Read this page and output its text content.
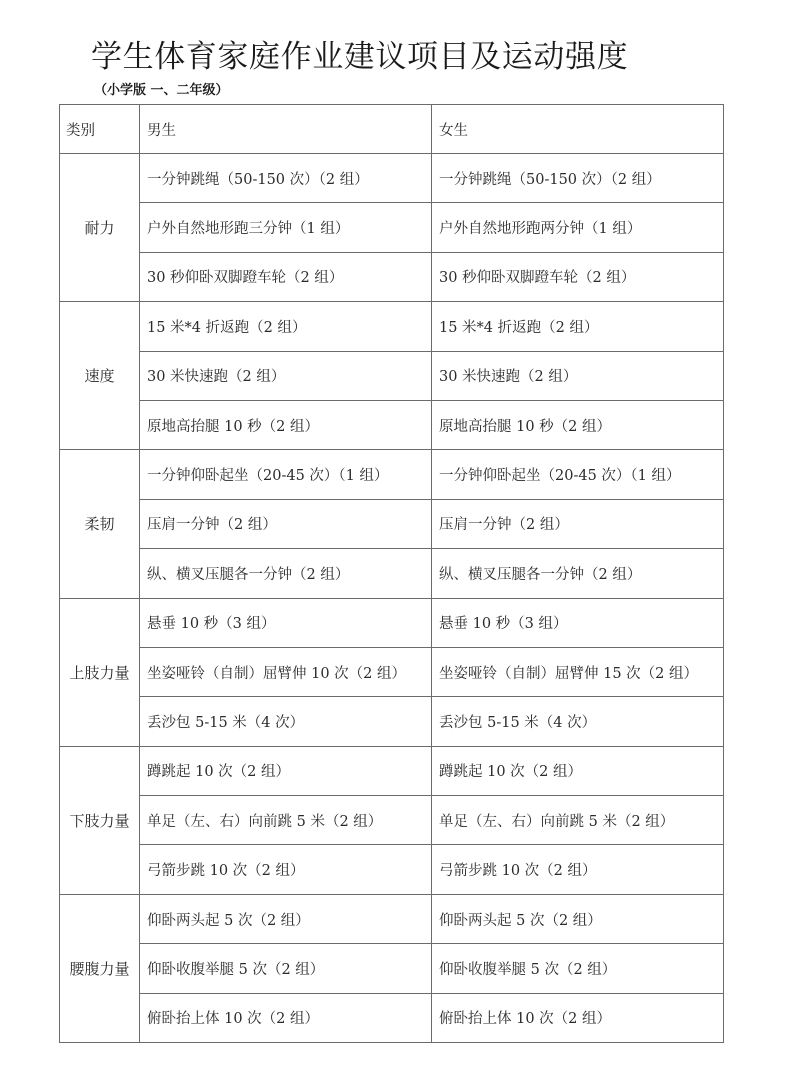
学生体育家庭作业建议项目及运动强度
（小学版 一、二年级）
类别	男生	女生
耐力	一分钟跳绳（50-150 次）（2 组）	一分钟跳绳（50-150 次）（2 组）
	户外自然地形跑三分钟（1 组）	户外自然地形跑两分钟（1 组）
	30 秒仰卧双脚蹬车轮（2 组）	30 秒仰卧双脚蹬车轮（2 组）
速度	15 米*4 折返跑（2 组）	15 米*4 折返跑（2 组）
	30 米快速跑（2 组）	30 米快速跑（2 组）
	原地高抬腿 10 秒（2 组）	原地高抬腿 10 秒（2 组）
柔韧	一分钟仰卧起坐（20-45 次）（1 组）	一分钟仰卧起坐（20-45 次）（1 组）
	压肩一分钟（2 组）	压肩一分钟（2 组）
	纵、横叉压腿各一分钟（2 组）	纵、横叉压腿各一分钟（2 组）
上肢力量	悬垂 10 秒（3 组）	悬垂 10 秒（3 组）
	坐姿哑铃（自制）屈臂伸 10 次（2 组）	坐姿哑铃（自制）屈臂伸 15 次（2 组）
	丢沙包 5-15 米（4 次）	丢沙包 5-15 米（4 次）
下肢力量	蹲跳起 10 次（2 组）	蹲跳起 10 次（2 组）
	单足（左、右）向前跳 5 米（2 组）	单足（左、右）向前跳 5 米（2 组）
	弓箭步跳 10 次（2 组）	弓箭步跳 10 次（2 组）
腰腹力量	仰卧两头起 5 次（2 组）	仰卧两头起 5 次（2 组）
	仰卧收腹举腿 5 次（2 组）	仰卧收腹举腿 5 次（2 组）
	俯卧抬上体 10 次（2 组）	俯卧抬上体 10 次（2 组）
